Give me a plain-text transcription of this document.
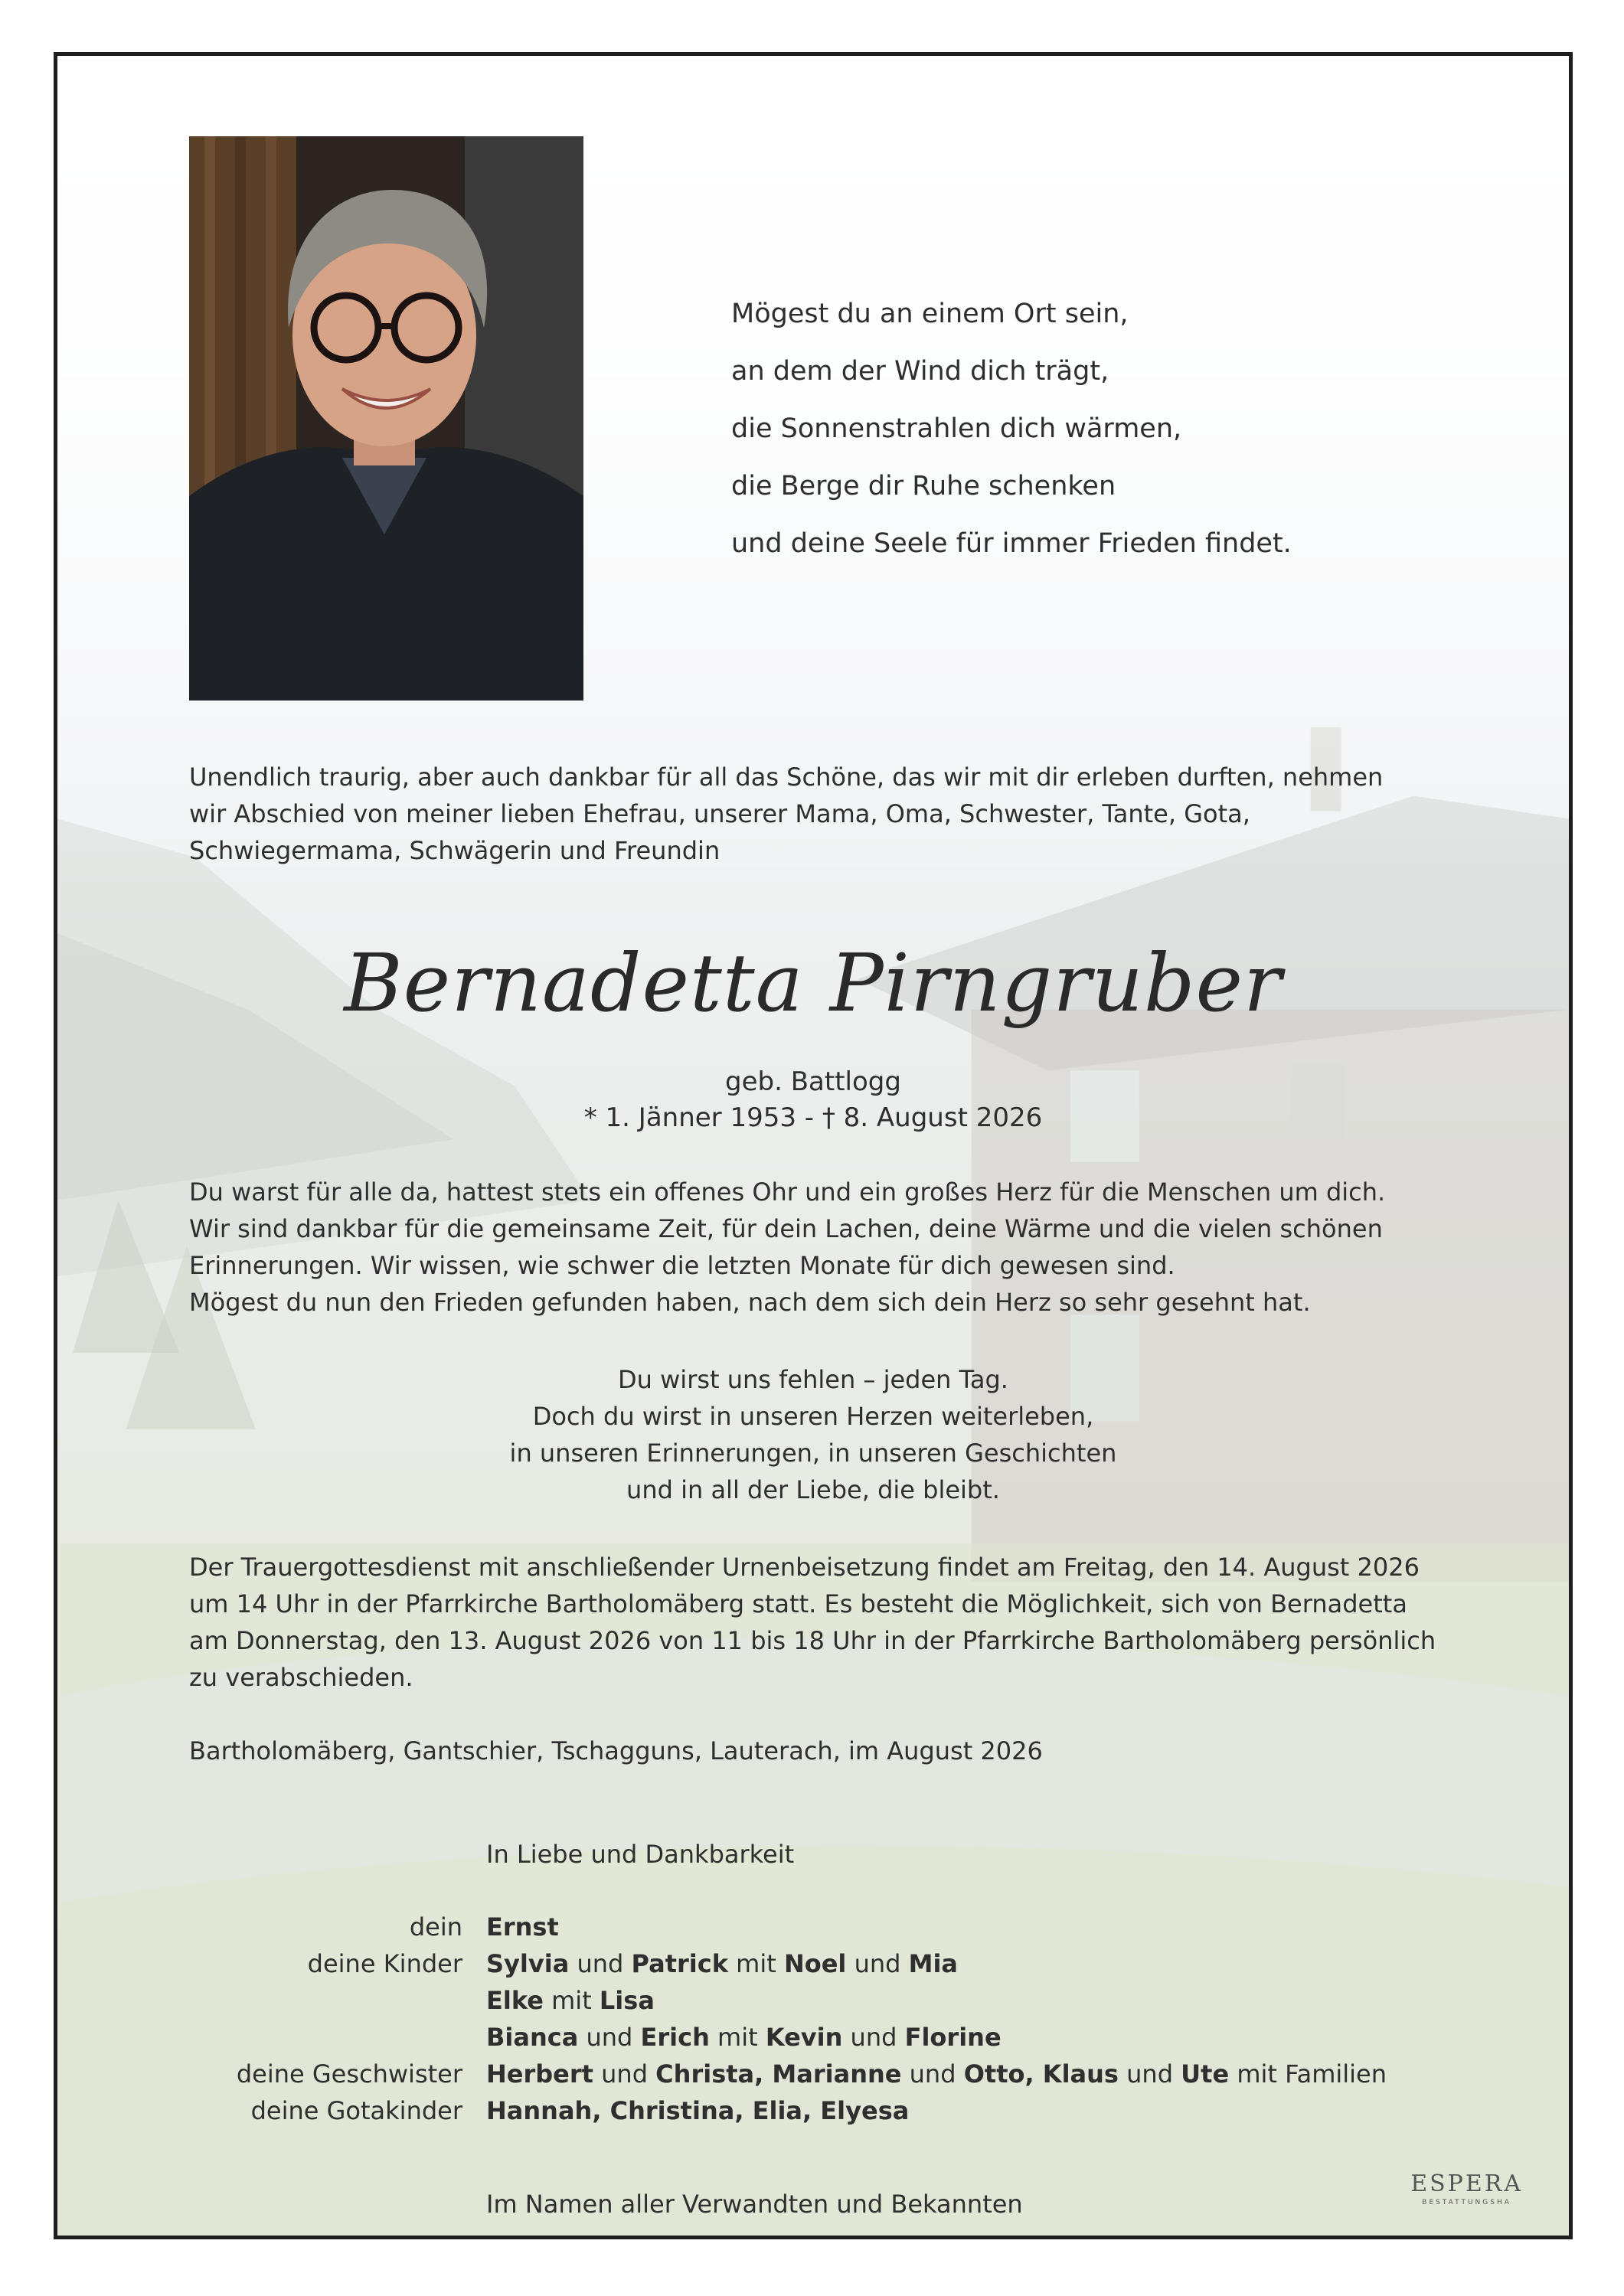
Mögest du an einem Ort sein,
an dem der Wind dich trägt,
die Sonnenstrahlen dich wärmen,
die Berge dir Ruhe schenken
und deine Seele für immer Frieden findet.
Unendlich traurig, aber auch dankbar für all das Schöne, das wir mit dir erleben durften, nehmen
wir Abschied von meiner lieben Ehefrau, unserer Mama, Oma, Schwester, Tante, Gota,
Schwiegermama, Schwägerin und Freundin
Bernadetta Pirngruber
geb. Battlogg
* 1. Jänner 1953 - † 8. August 2026
Du warst für alle da, hattest stets ein offenes Ohr und ein großes Herz für die Menschen um dich.
Wir sind dankbar für die gemeinsame Zeit, für dein Lachen, deine Wärme und die vielen schönen
Erinnerungen. Wir wissen, wie schwer die letzten Monate für dich gewesen sind.
Mögest du nun den Frieden gefunden haben, nach dem sich dein Herz so sehr gesehnt hat.
Du wirst uns fehlen – jeden Tag.
Doch du wirst in unseren Herzen weiterleben,
in unseren Erinnerungen, in unseren Geschichten
und in all der Liebe, die bleibt.
Der Trauergottesdienst mit anschließender Urnenbeisetzung findet am Freitag, den 14. August 2026
um 14 Uhr in der Pfarrkirche Bartholomäberg statt. Es besteht die Möglichkeit, sich von Bernadetta
am Donnerstag, den 13. August 2026 von 11 bis 18 Uhr in der Pfarrkirche Bartholomäberg persönlich
zu verabschieden.
Bartholomäberg, Gantschier, Tschagguns, Lauterach, im August 2026
In Liebe und Dankbarkeit
dein Ernst
deine Kinder Sylvia und Patrick mit Noel und Mia
Elke mit Lisa
Bianca und Erich mit Kevin und Florine
deine Geschwister Herbert und Christa, Marianne und Otto, Klaus und Ute mit Familien
deine Gotakinder Hannah, Christina, Elia, Elyesa
Im Namen aller Verwandten und Bekannten
ESPERA
BESTATTUNGSHA
